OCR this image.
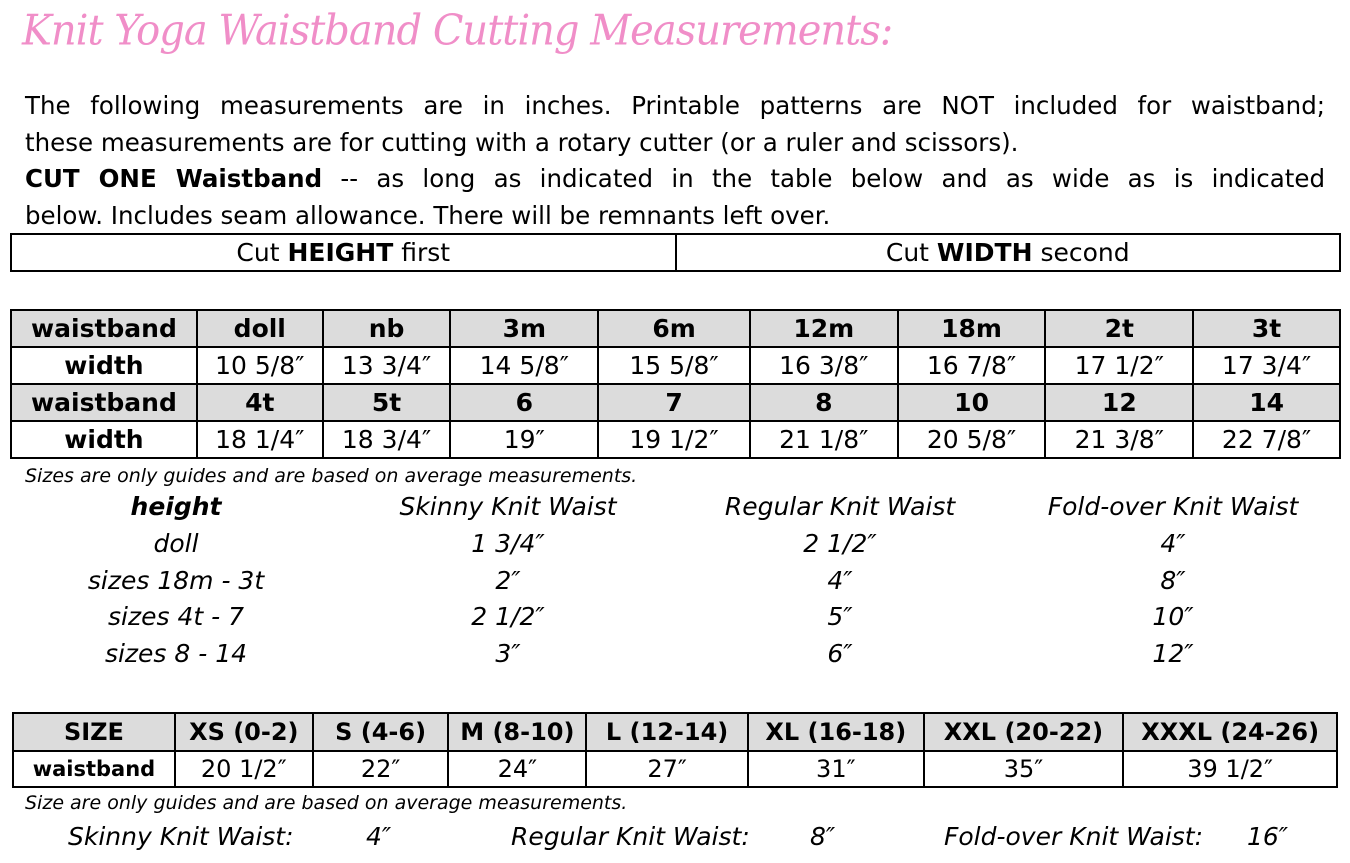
Knit Yoga Waistband Cutting Measurements:

The following measurements are in inches. Printable patterns are NOT included for waistband;

these measurements are for cutting with a rotary cutter (or a ruler and scissors).

CUT ONE Waistband -- as long as indicated in the table below and as wide as is indicated

below. Includes seam allowance. There will be remnants left over.

Cut HEIGHT first	Cut WIDTH second
waistband	doll	nb	3m	6m	12m	18m	2t	3t
width	10 5/8″	13 3/4″	14 5/8″	15 5/8″	16 3/8″	16 7/8″	17 1/2″	17 3/4″
waistband	4t	5t	6	7	8	10	12	14
width	18 1/4″	18 3/4″	19″	19 1/2″	21 1/8″	20 5/8″	21 3/8″	22 7/8″
Sizes are only guides and are based on average measurements.
height	Skinny Knit Waist	Regular Knit Waist	Fold-over Knit Waist
doll	1 3/4″	2 1/2″	4″
sizes 18m - 3t	2″	4″	8″
sizes 4t - 7	2 1/2″	5″	10″
sizes 8 - 14	3″	6″	12″
SIZE	XS (0-2)	S (4-6)	M (8-10)	L (12-14)	XL (16-18)	XXL (20-22)	XXXL (24-26)
waistband	20 1/2″	22″	24″	27″	31″	35″	39 1/2″
Size are only guides and are based on average measurements.
Skinny Knit Waist:	4″	Regular Knit Waist: 8″	Fold-over Knit Waist: 16″
